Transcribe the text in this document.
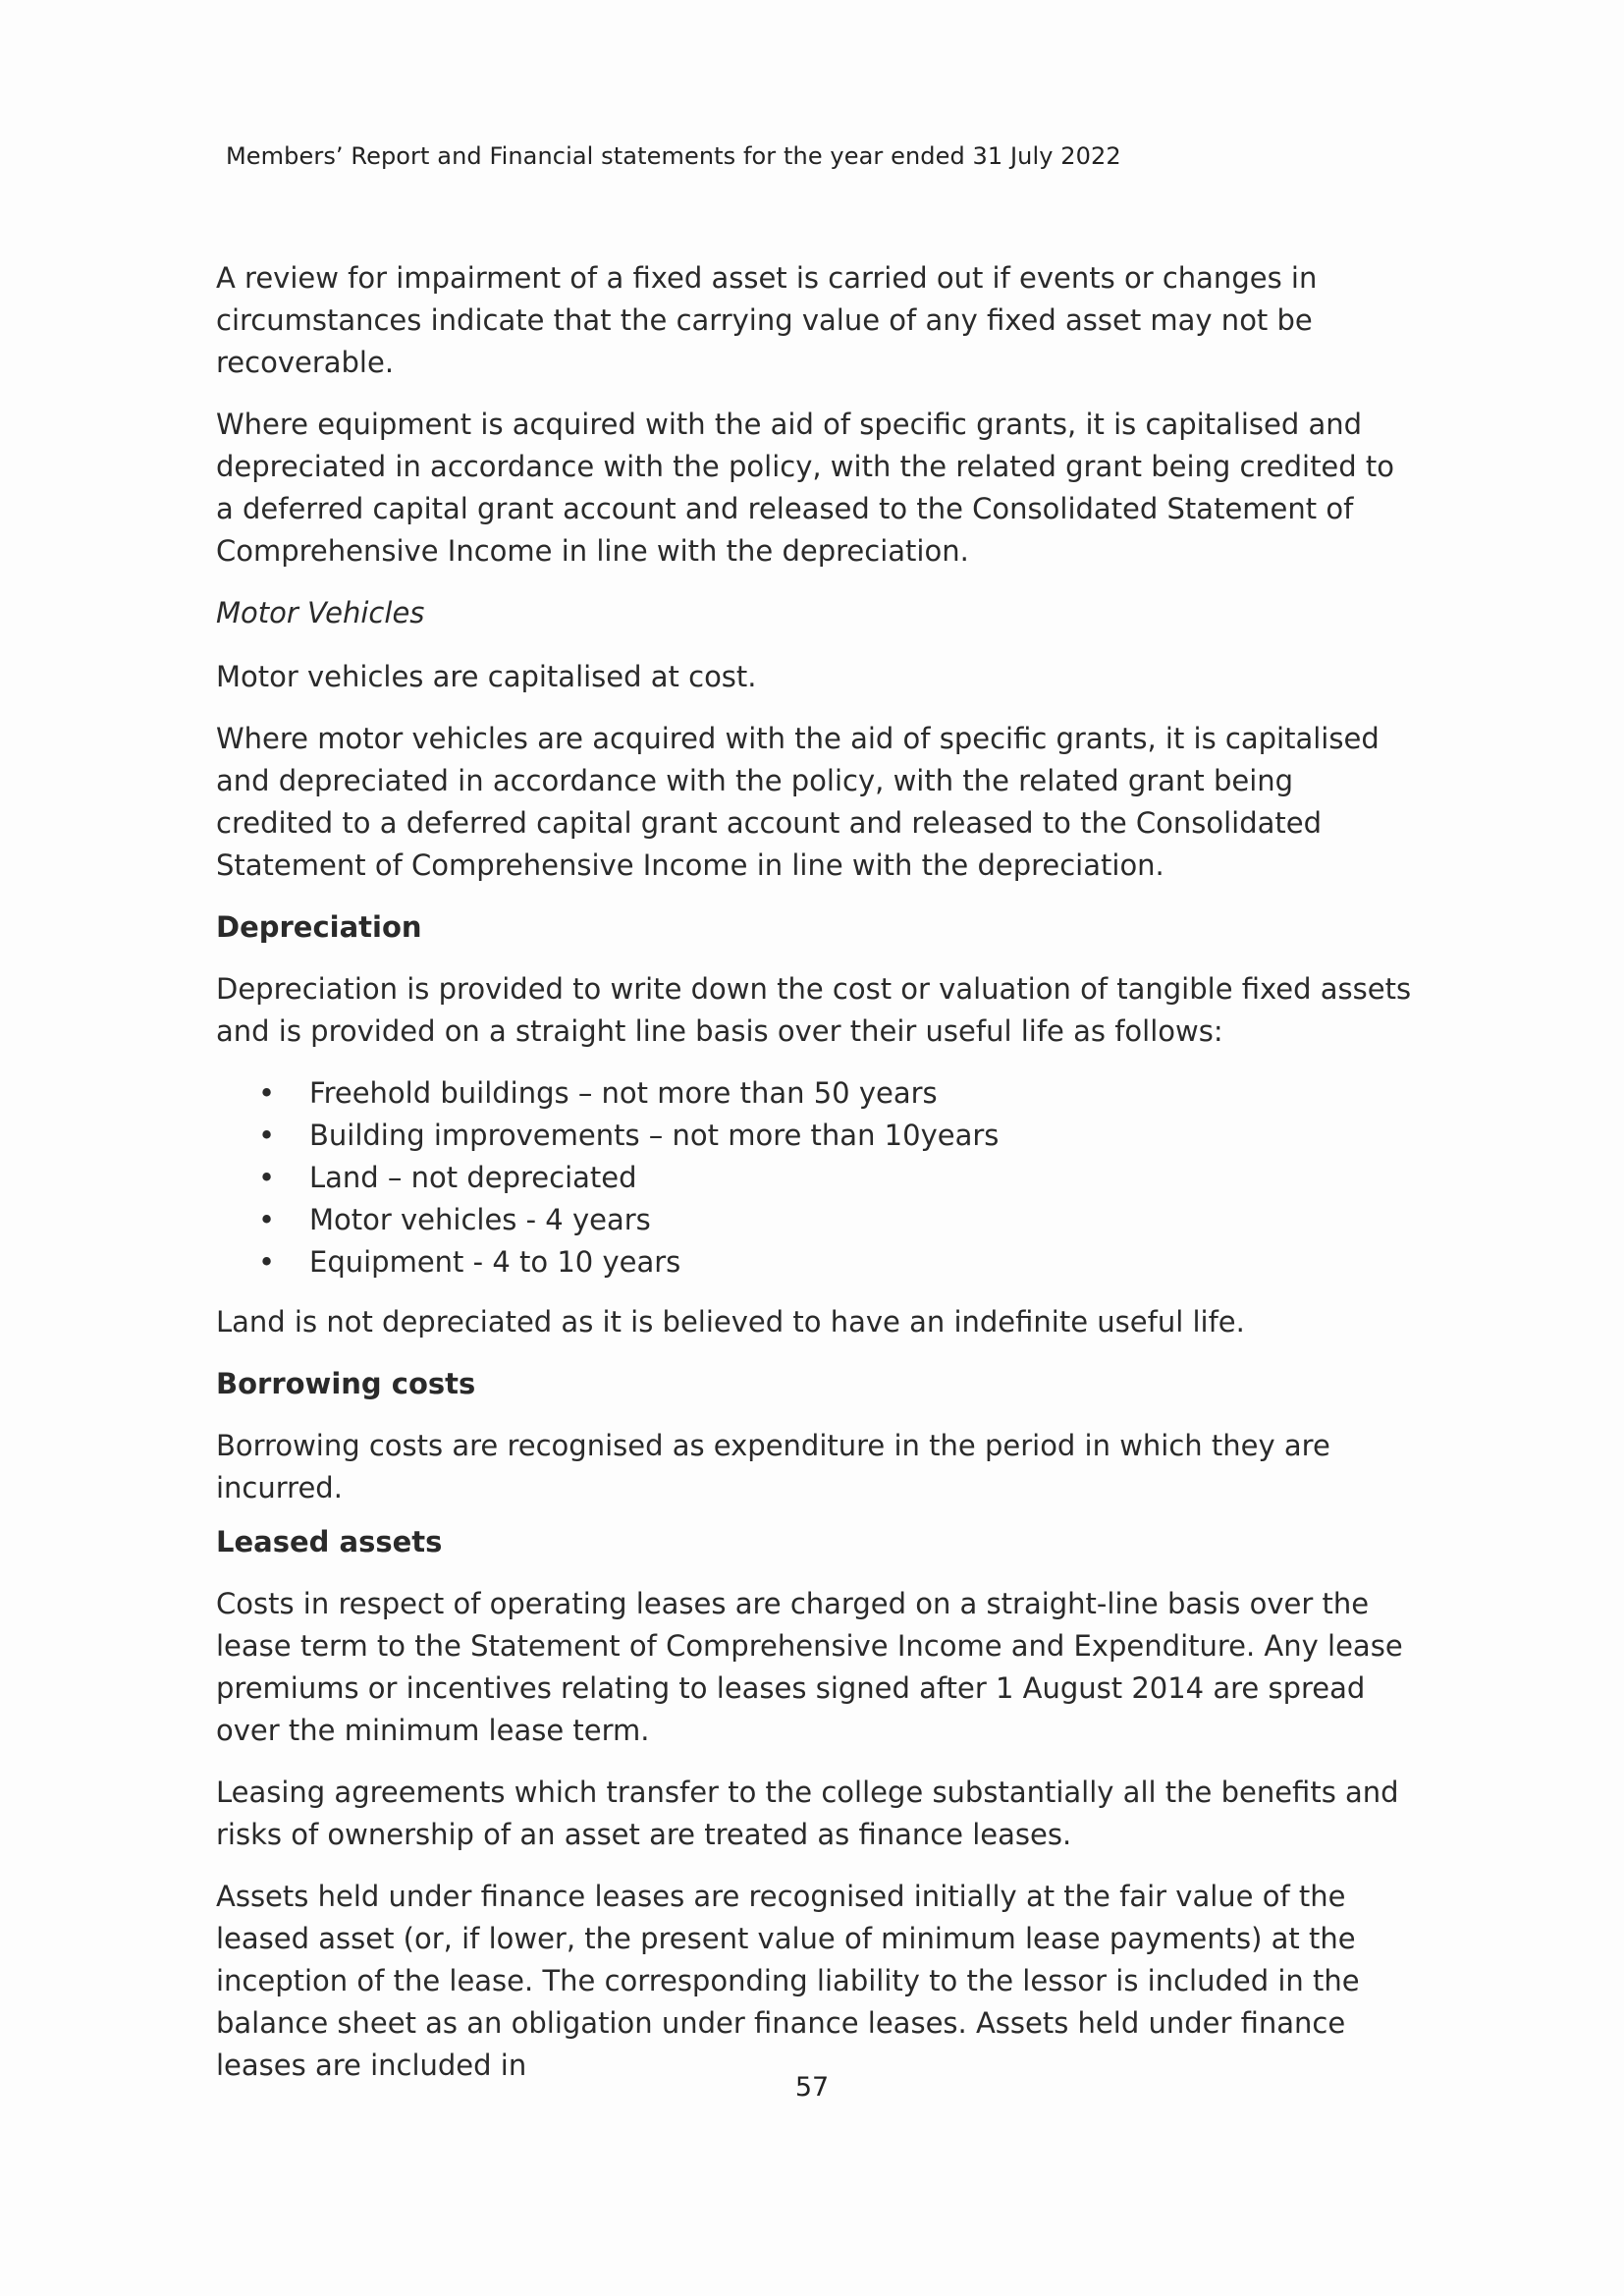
Members’ Report and Financial statements for the year ended 31 July 2022

A review for impairment of a fixed asset is carried out if events or changes in circumstances indicate that the carrying value of any fixed asset may not be recoverable.

Where equipment is acquired with the aid of specific grants, it is capitalised and depreciated in accordance with the policy, with the related grant being credited to a deferred capital grant account and released to the Consolidated Statement of Comprehensive Income in line with the depreciation.

Motor Vehicles

Motor vehicles are capitalised at cost.

Where motor vehicles are acquired with the aid of specific grants, it is capitalised and depreciated in accordance with the policy, with the related grant being credited to a deferred capital grant account and released to the Consolidated Statement of Comprehensive Income in line with the depreciation.

Depreciation

Depreciation is provided to write down the cost or valuation of tangible fixed assets and is provided on a straight line basis over their useful life as follows:

• Freehold buildings – not more than 50 years
• Building improvements – not more than 10years
• Land – not depreciated
• Motor vehicles - 4 years
• Equipment - 4 to 10 years

Land is not depreciated as it is believed to have an indefinite useful life.

Borrowing costs

Borrowing costs are recognised as expenditure in the period in which they are incurred.

Leased assets

Costs in respect of operating leases are charged on a straight-line basis over the lease term to the Statement of Comprehensive Income and Expenditure. Any lease premiums or incentives relating to leases signed after 1 August 2014 are spread over the minimum lease term.

Leasing agreements which transfer to the college substantially all the benefits and risks of ownership of an asset are treated as finance leases.

Assets held under finance leases are recognised initially at the fair value of the leased asset (or, if lower, the present value of minimum lease payments) at the inception of the lease. The corresponding liability to the lessor is included in the balance sheet as an obligation under finance leases. Assets held under finance leases are included in

57
